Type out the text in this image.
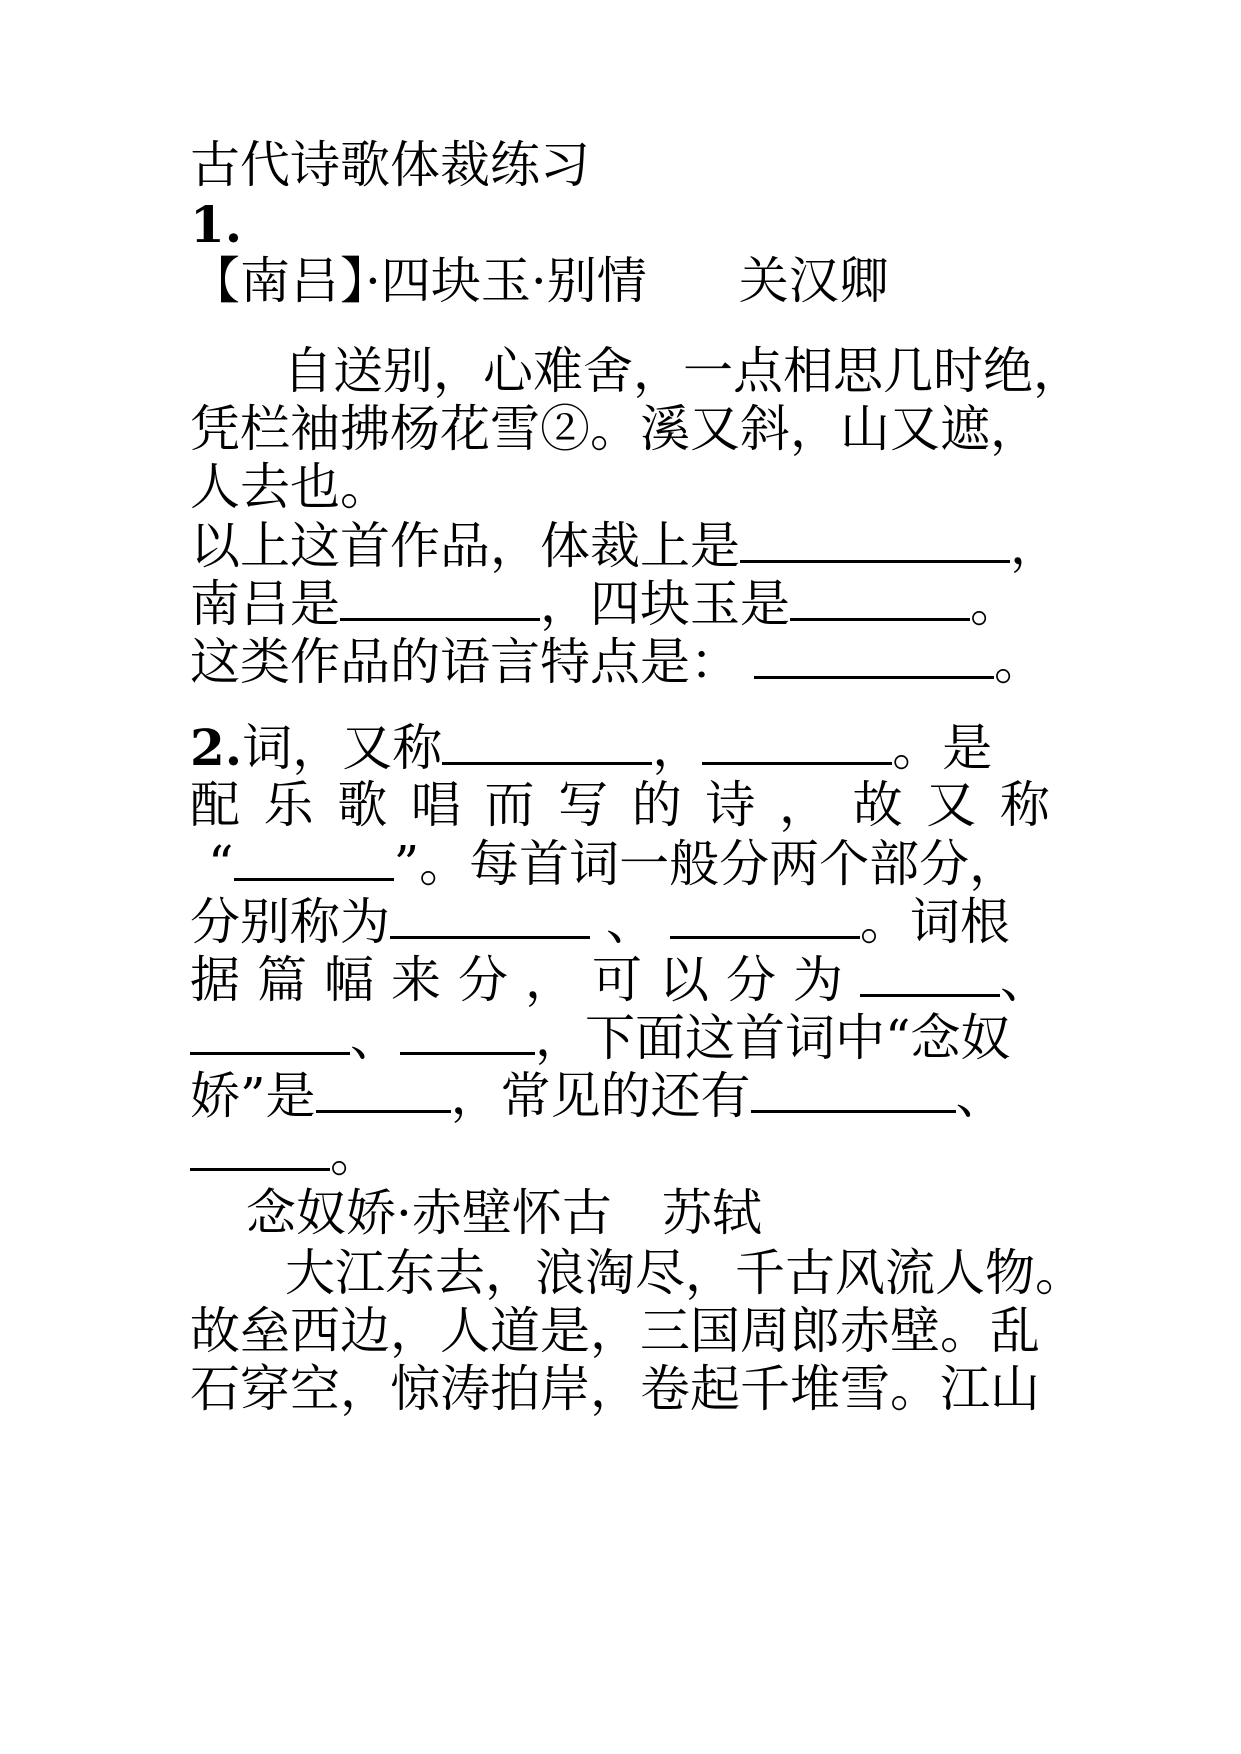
古代诗歌体裁练习
1.
【南吕】·四块玉·别情 关汉卿
自送别，心难舍，一点相思几时绝，
凭栏袖拂杨花雪②。溪又斜，山又遮，
人去也。
以上这首作品，体裁上是	，
南吕是	，四块玉是	。
这类作品的语言特点是：	。
2.词，又称	，	。是
配 乐 歌 唱 而 写 的 诗 ， 故 又 称
“	”。每首词一般分两个部分，
分别称为	、	。词根
据 篇 幅 来 分 ， 可 以 分 为	、
、	，下面这首词中“念奴
娇”是	，常见的还有	、
。
念奴娇·赤壁怀古 苏轼
大江东去，浪淘尽，千古风流人物。
故垒西边，人道是，三国周郎赤壁。乱
石穿空，惊涛拍岸，卷起千堆雪。江山
